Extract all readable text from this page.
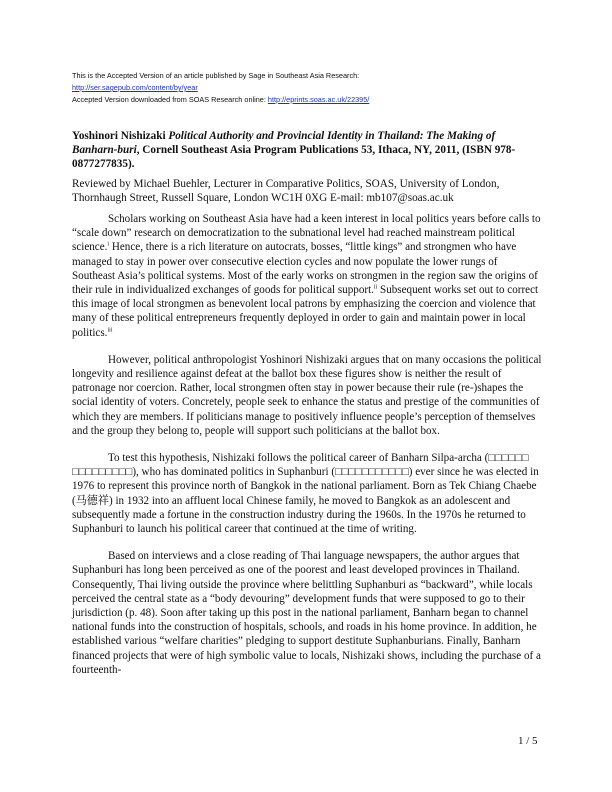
This is the Accepted Version of an article published by Sage in Southeast Asia Research:
http://ser.sagepub.com/content/by/year
Accepted Version downloaded from SOAS Research online: http://eprints.soas.ac.uk/22395/
Yoshinori Nishizaki Political Authority and Provincial Identity in Thailand: The Making of Banharn-buri, Cornell Southeast Asia Program Publications 53, Ithaca, NY, 2011, (ISBN 978-0877277835).
Reviewed by Michael Buehler, Lecturer in Comparative Politics, SOAS, University of London, Thornhaugh Street, Russell Square, London WC1H 0XG E-mail: mb107@soas.ac.uk

Scholars working on Southeast Asia have had a keen interest in local politics years before calls to “scale down” research on democratization to the subnational level had reached mainstream political science.$^i$ Hence, there is a rich literature on autocrats, bosses, “little kings” and strongmen who have managed to stay in power over consecutive election cycles and now populate the lower rungs of Southeast Asia’s political systems. Most of the early works on strongmen in the region saw the origins of their rule in individualized exchanges of goods for political support.$^{ii}$ Subsequent works set out to correct this image of local strongmen as benevolent local patrons by emphasizing the coercion and violence that many of these political entrepreneurs frequently deployed in order to gain and maintain power in local politics.$^{iii}$

However, political anthropologist Yoshinori Nishizaki argues that on many occasions the political longevity and resilience against defeat at the ballot box these figures show is neither the result of patronage nor coercion. Rather, local strongmen often stay in power because their rule (re-)shapes the social identity of voters. Concretely, people seek to enhance the status and prestige of the communities of which they are members. If politicians manage to positively influence people’s perception of themselves and the group they belong to, people will support such politicians at the ballot box.

To test this hypothesis, Nishizaki follows the political career of Banharn Silpa-archa (□□□□□□ □□□□□□□□□), who has dominated politics in Suphanburi (□□□□□□□□□□□) ever since he was elected in 1976 to represent this province north of Bangkok in the national parliament. Born as Tek Chiang Chaebe (马德祥) in 1932 into an affluent local Chinese family, he moved to Bangkok as an adolescent and subsequently made a fortune in the construction industry during the 1960s. In the 1970s he returned to Suphanburi to launch his political career that continued at the time of writing.

Based on interviews and a close reading of Thai language newspapers, the author argues that Suphanburi has long been perceived as one of the poorest and least developed provinces in Thailand. Consequently, Thai living outside the province where belittling Suphanburi as “backward”, while locals perceived the central state as a “body devouring” development funds that were supposed to go to their jurisdiction (p. 48). Soon after taking up this post in the national parliament, Banharn began to channel national funds into the construction of hospitals, schools, and roads in his home province. In addition, he established various “welfare charities” pledging to support destitute Suphanburians. Finally, Banharn financed projects that were of high symbolic value to locals, Nishizaki shows, including the purchase of a fourteenth-

1 / 5
